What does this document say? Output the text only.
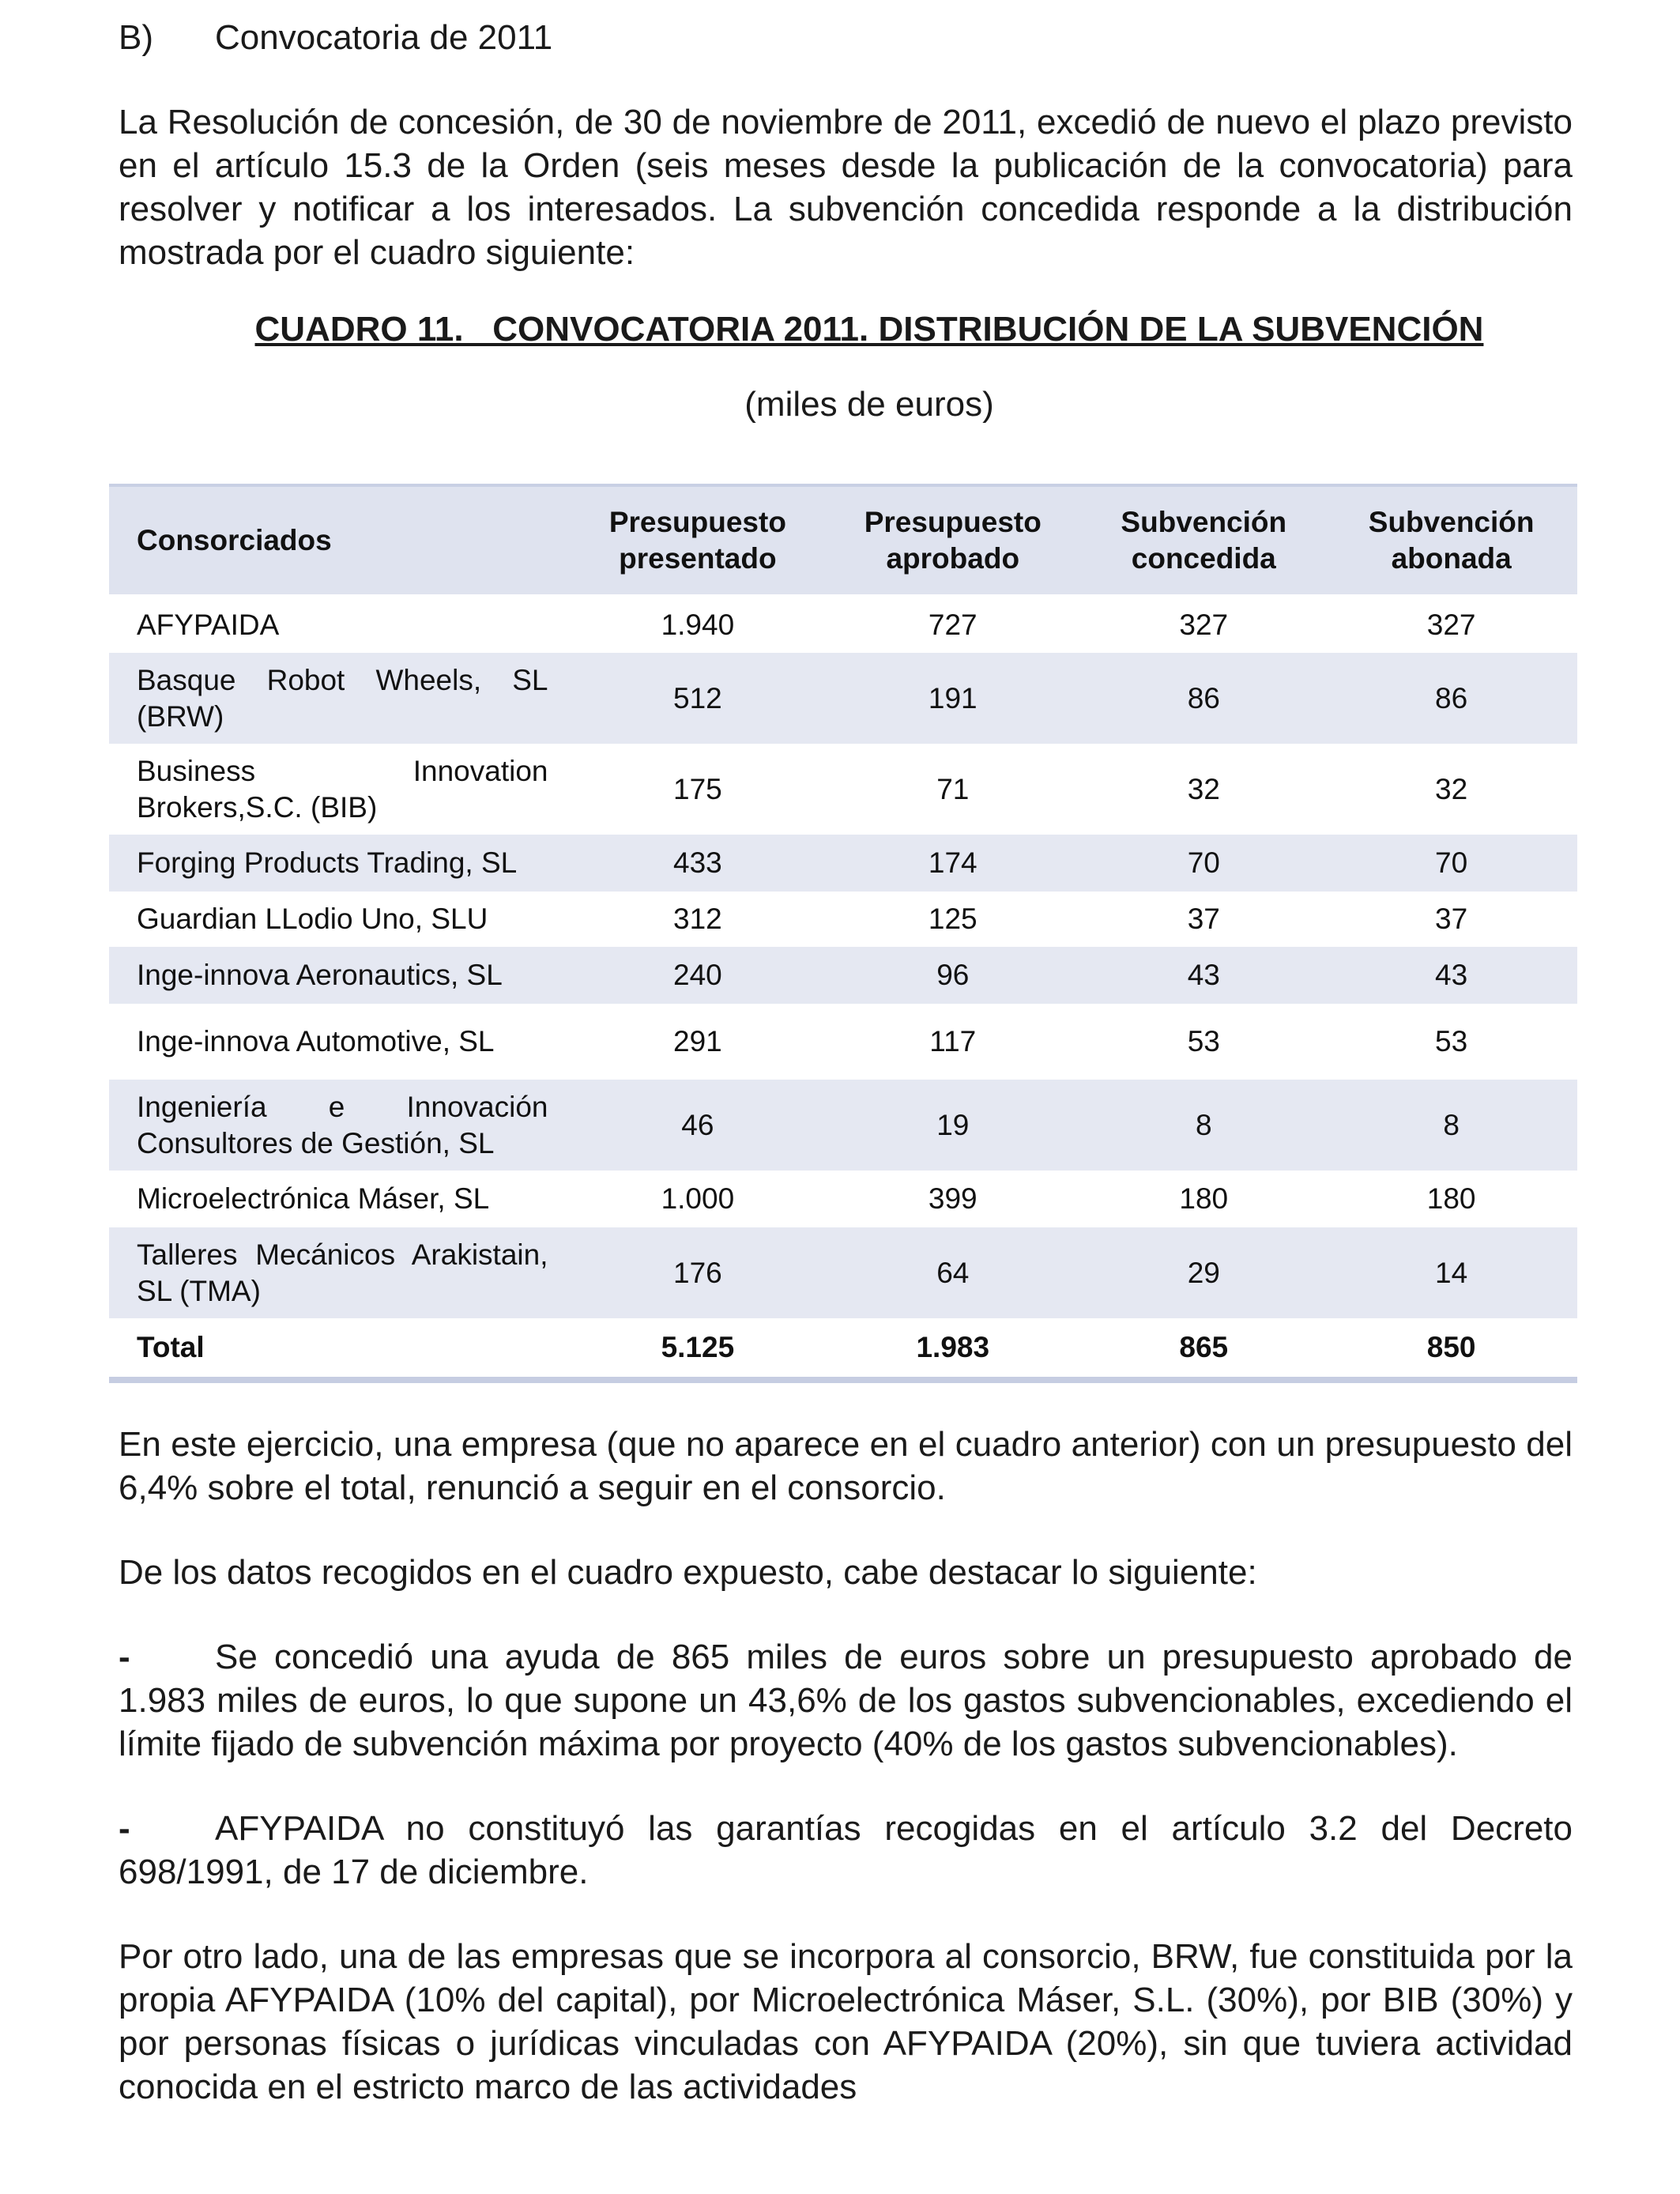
B)	Convocatoria de 2011

La Resolución de concesión, de 30 de noviembre de 2011, excedió de nuevo el plazo previsto en el artículo 15.3 de la Orden (seis meses desde la publicación de la convocatoria) para resolver y notificar a los interesados. La subvención concedida responde a la distribución mostrada por el cuadro siguiente:

CUADRO 11.   CONVOCATORIA 2011. DISTRIBUCIÓN DE LA SUBVENCIÓN
(miles de euros)
Consorciados	Presupuesto presentado	Presupuesto aprobado	Subvención concedida	Subvención abonada
AFYPAIDA	1.940	727	327	327
Basque Robot Wheels, SL (BRW)	512	191	86	86
Business Innovation Brokers,S.C. (BIB)	175	71	32	32
Forging Products Trading, SL	433	174	70	70
Guardian LLodio Uno, SLU	312	125	37	37
Inge-innova Aeronautics, SL	240	96	43	43
Inge-innova Automotive, SL	291	117	53	53
Ingeniería e Innovación Consultores de Gestión, SL	46	19	8	8
Microelectrónica Máser, SL	1.000	399	180	180
Talleres Mecánicos Arakistain, SL (TMA)	176	64	29	14
Total	5.125	1.983	865	850

En este ejercicio, una empresa (que no aparece en el cuadro anterior) con un presupuesto del 6,4% sobre el total, renunció a seguir en el consorcio.

De los datos recogidos en el cuadro expuesto, cabe destacar lo siguiente:

- Se concedió una ayuda de 865 miles de euros sobre un presupuesto aprobado de 1.983 miles de euros, lo que supone un 43,6% de los gastos subvencionables, excediendo el límite fijado de subvención máxima por proyecto (40% de los gastos subvencionables).

- AFYPAIDA no constituyó las garantías recogidas en el artículo 3.2 del Decreto 698/1991, de 17 de diciembre.

Por otro lado, una de las empresas que se incorpora al consorcio, BRW, fue constituida por la propia AFYPAIDA (10% del capital), por Microelectrónica Máser, S.L. (30%), por BIB (30%) y por personas físicas o jurídicas vinculadas con AFYPAIDA (20%), sin que tuviera actividad conocida en el estricto marco de las actividades
